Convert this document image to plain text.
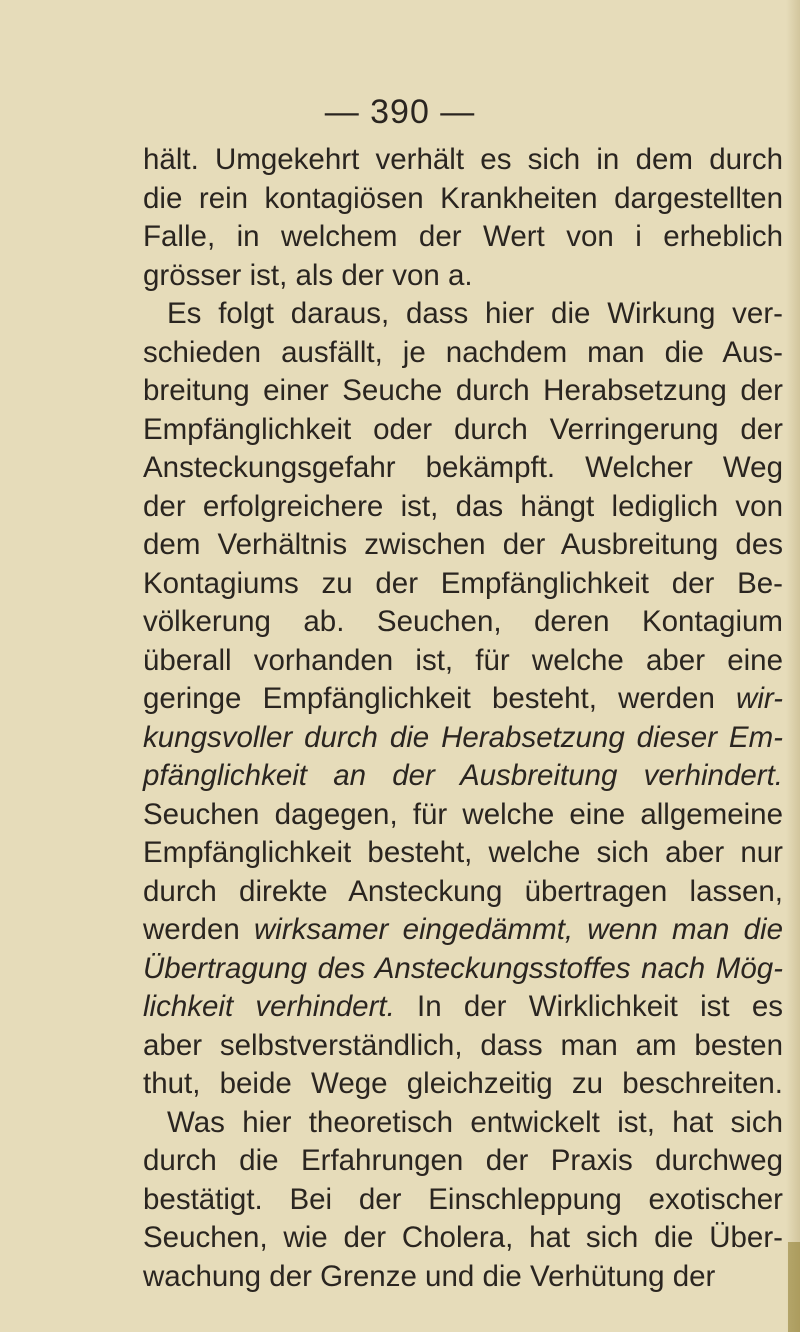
— 390 —
hält. Umgekehrt verhält es sich in dem durch
die rein kontagiösen Krankheiten dargestellten
Falle, in welchem der Wert von i erheblich
grösser ist, als der von a.
Es folgt daraus, dass hier die Wirkung ver-
schieden ausfällt, je nachdem man die Aus-
breitung einer Seuche durch Herabsetzung der
Empfänglichkeit oder durch Verringerung der
Ansteckungsgefahr bekämpft. Welcher Weg
der erfolgreichere ist, das hängt lediglich von
dem Verhältnis zwischen der Ausbreitung des
Kontagiums zu der Empfänglichkeit der Be-
völkerung ab. Seuchen, deren Kontagium
überall vorhanden ist, für welche aber eine
geringe Empfänglichkeit besteht, werden wir-
kungsvoller durch die Herabsetzung dieser Em-
pfänglichkeit an der Ausbreitung verhindert.
Seuchen dagegen, für welche eine allgemeine
Empfänglichkeit besteht, welche sich aber nur
durch direkte Ansteckung übertragen lassen,
werden wirksamer eingedämmt, wenn man die
Übertragung des Ansteckungsstoffes nach Mög-
lichkeit verhindert. In der Wirklichkeit ist es
aber selbstverständlich, dass man am besten
thut, beide Wege gleichzeitig zu beschreiten.
Was hier theoretisch entwickelt ist, hat sich
durch die Erfahrungen der Praxis durchweg
bestätigt. Bei der Einschleppung exotischer
Seuchen, wie der Cholera, hat sich die Über-
wachung der Grenze und die Verhütung der
